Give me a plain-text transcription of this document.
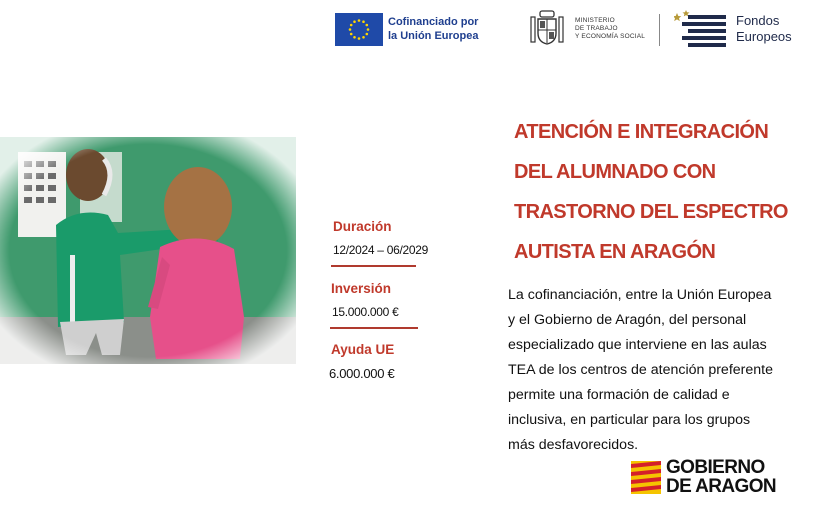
Cofinanciado por
la Unión Europea
MINISTERIO
DE TRABAJO
Y ECONOMÍA SOCIAL
Fondos
Europeos
Duración
12/2024 – 06/2029
Inversión
15.000.000 €
Ayuda UE
6.000.000 €
ATENCIÓN E INTEGRACIÓN
DEL ALUMNADO CON
TRASTORNO DEL ESPECTRO
AUTISTA EN ARAGÓN
La cofinanciación, entre la Unión Europea
y el Gobierno de Aragón, del personal
especializado que interviene en las aulas
TEA de los centros de atención preferente
permite una formación de calidad e
inclusiva, en particular para los grupos
más desfavorecidos.
GOBIERNO
DE ARAGON
